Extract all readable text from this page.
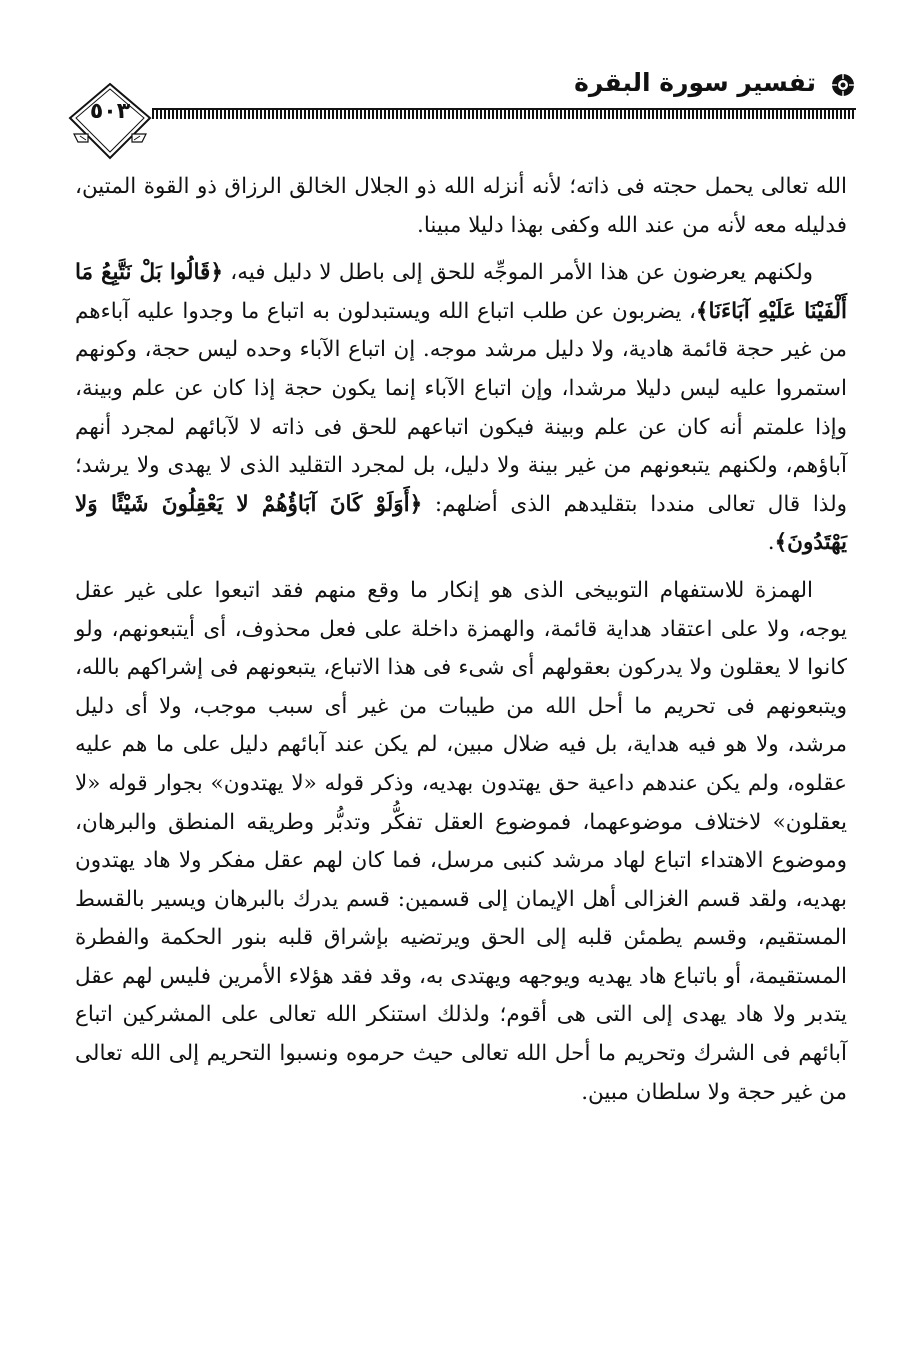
تفسير سورة البقرة
٥٠٣

الله تعالى يحمل حجته فى ذاته؛ لأنه أنزله الله ذو الجلال الخالق الرزاق ذو القوة المتين، فدليله معه لأنه من عند الله وكفى بهذا دليلا مبينا.

ولكنهم يعرضون عن هذا الأمر الموجِّه للحق إلى باطل لا دليل فيه، ﴿قَالُوا بَلْ نَتَّبِعُ مَا أَلْفَيْنَا عَلَيْهِ آبَاءَنَا﴾، يضربون عن طلب اتباع الله ويستبدلون به اتباع ما وجدوا عليه آباءهم من غير حجة قائمة هادية، ولا دليل مرشد موجه. إن اتباع الآباء وحده ليس حجة، وكونهم استمروا عليه ليس دليلا مرشدا، وإن اتباع الآباء إنما يكون حجة إذا كان عن علم وبينة، وإذا علمتم أنه كان عن علم وبينة فيكون اتباعهم للحق فى ذاته لا لآبائهم لمجرد أنهم آباؤهم، ولكنهم يتبعونهم من غير بينة ولا دليل، بل لمجرد التقليد الذى لا يهدى ولا يرشد؛ ولذا قال تعالى منددا بتقليدهم الذى أضلهم: ﴿أَوَلَوْ كَانَ آبَاؤُهُمْ لا يَعْقِلُونَ شَيْئًا وَلا يَهْتَدُونَ﴾.

الهمزة للاستفهام التوبيخى الذى هو إنكار ما وقع منهم فقد اتبعوا على غير عقل يوجه، ولا على اعتقاد هداية قائمة، والهمزة داخلة على فعل محذوف، أى أيتبعونهم، ولو كانوا لا يعقلون ولا يدركون بعقولهم أى شىء فى هذا الاتباع، يتبعونهم فى إشراكهم بالله، ويتبعونهم فى تحريم ما أحل الله من طيبات من غير أى سبب موجب، ولا أى دليل مرشد، ولا هو فيه هداية، بل فيه ضلال مبين، لم يكن عند آبائهم دليل على ما هم عليه عقلوه، ولم يكن عندهم داعية حق يهتدون بهديه، وذكر قوله «لا يهتدون» بجوار قوله «لا يعقلون» لاختلاف موضوعهما، فموضوع العقل تفكُّر وتدبُّر وطريقه المنطق والبرهان، وموضوع الاهتداء اتباع لهاد مرشد كنبى مرسل، فما كان لهم عقل مفكر ولا هاد يهتدون بهديه، ولقد قسم الغزالى أهل الإيمان إلى قسمين: قسم يدرك بالبرهان ويسير بالقسط المستقيم، وقسم يطمئن قلبه إلى الحق ويرتضيه بإشراق قلبه بنور الحكمة والفطرة المستقيمة، أو باتباع هاد يهديه ويوجهه ويهتدى به، وقد فقد هؤلاء الأمرين فليس لهم عقل يتدبر ولا هاد يهدى إلى التى هى أقوم؛ ولذلك استنكر الله تعالى على المشركين اتباع آبائهم فى الشرك وتحريم ما أحل الله تعالى حيث حرموه ونسبوا التحريم إلى الله تعالى من غير حجة ولا سلطان مبين.
